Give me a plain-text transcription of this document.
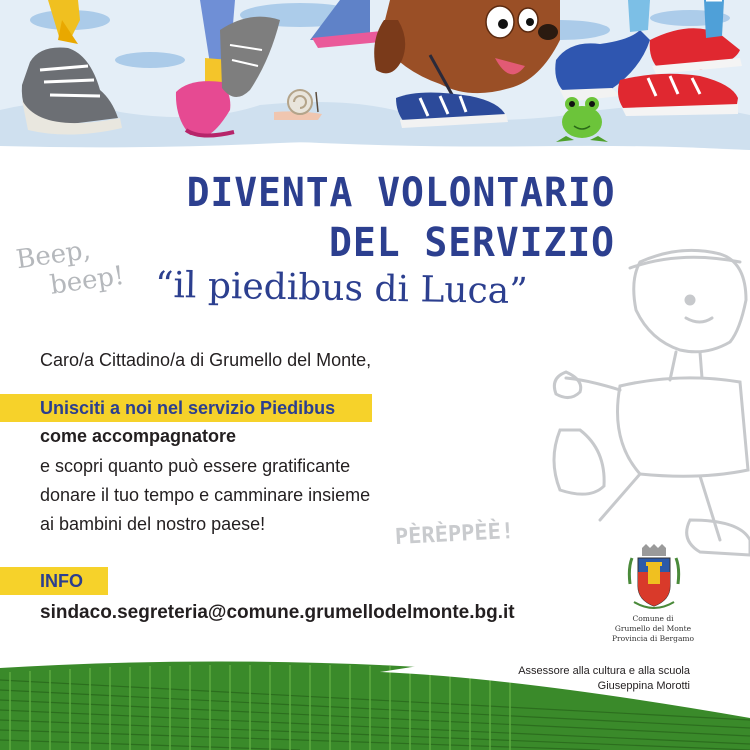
DIVENTA VOLONTARIO
DEL SERVIZIO
“il piedibus di Luca”
Beep,
beep!
PÈRÈPPÈÈ!
Caro/a Cittadino/a di Grumello del Monte,
Unisciti a noi nel servizio Piedibus
come accompagnatore
e scopri quanto può essere gratificante
donare il tuo tempo e camminare insieme
ai bambini del nostro paese!
INFO
sindaco.segreteria@comune.grumellodelmonte.bg.it	Comune di
Grumello del Monte
Provincia di Bergamo
Assessore alla cultura e alla scuola
Giuseppina Morotti
